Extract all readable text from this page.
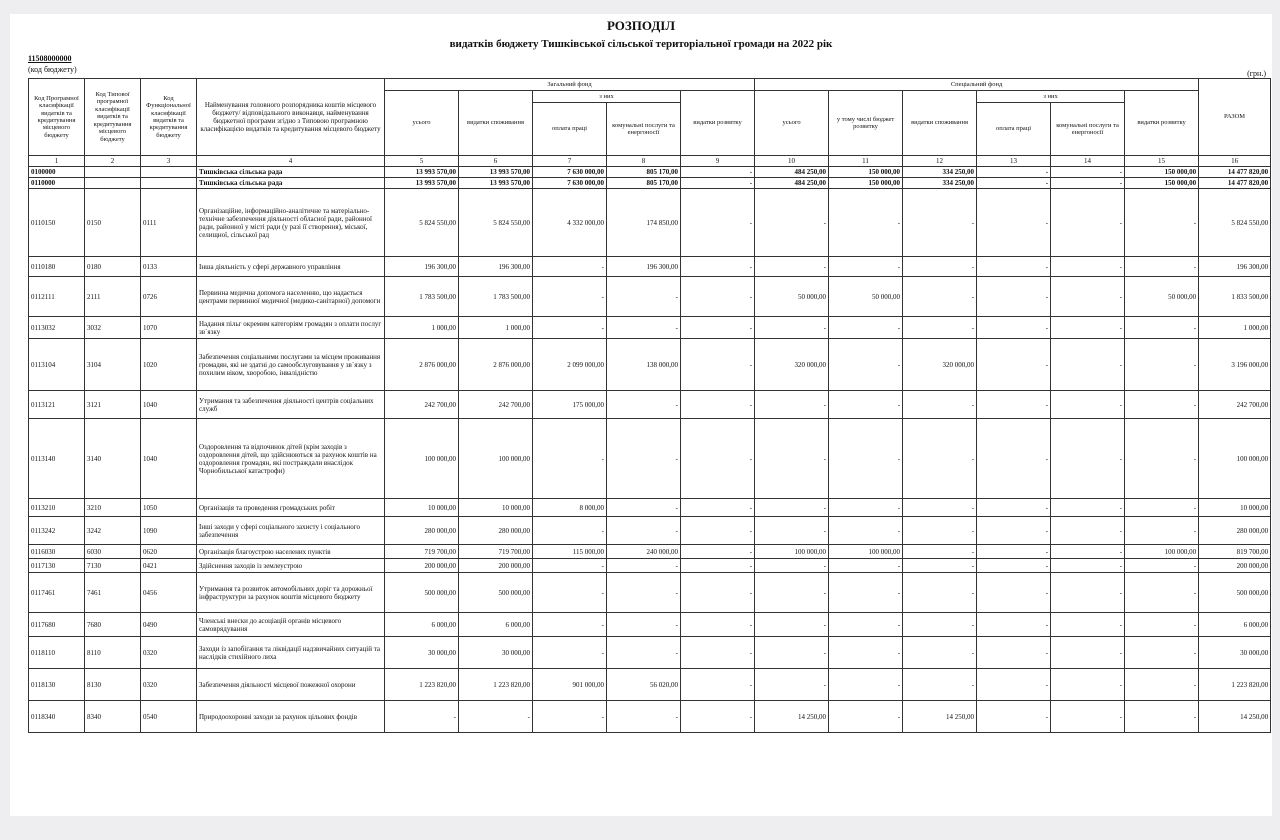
РОЗПОДІЛ
видатків бюджету Тишківської сільської територіальної громади на 2022 рік
11508000000
(код бюджету)	(грн.)
Код Програмної класифікації видатків та кредитування місцевого бюджету	Код Типової програмної класифікації видатків та кредитування місцевого бюджету	Код Функціональної класифікації видатків та кредитування бюджету	Найменування головного розпорядника коштів місцевого бюджету/ відповідального виконавця, найменування бюджетної програми згідно з Типовою програмною класифікацією видатків та кредитування місцевого бюджету	Загальний фонд					Спеціальний фонд						РАЗОМ
				усього	видатки споживання	з них		видатки розвитку	усього	у тому числі бюджет розвитку	видатки споживання	з них		видатки розвитку	
						оплата праці	комунальні послуги та енергоносії					оплата праці	комунальні послуги та енергоносії		
1	2	3	4	5	6	7	8	9	10	11	12	13	14	15	16
0100000			Тишківська сільська рада	13 993 570,00	13 993 570,00	7 630 000,00	805 170,00	-	484 250,00	150 000,00	334 250,00	-	-	150 000,00	14 477 820,00
0110000			Тишківська сільська рада	13 993 570,00	13 993 570,00	7 630 000,00	805 170,00	-	484 250,00	150 000,00	334 250,00	-	-	150 000,00	14 477 820,00
0110150	0150	0111	Організаційне, інформаційно-аналітичне та матеріально-технічне забезпечення діяльності обласної ради, районної ради, районної у місті ради (у разі її створення), міської, селищної, сільської рад	5 824 550,00	5 824 550,00	4 332 000,00	174 850,00	-	-	-	-	-	-	-	5 824 550,00
0110180	0180	0133	Інша діяльність у сфері державного управління	196 300,00	196 300,00	-	196 300,00	-	-	-	-	-	-	-	196 300,00
0112111	2111	0726	Первинна медична допомога населенню, що надається центрами первинної медичної (медико-санітарної) допомоги	1 783 500,00	1 783 500,00	-	-	-	50 000,00	50 000,00	-	-	-	50 000,00	1 833 500,00
0113032	3032	1070	Надання пільг окремим категоріям громадян з оплати послуг зв`язку	1 000,00	1 000,00	-	-	-	-	-	-	-	-	-	1 000,00
0113104	3104	1020	Забезпечення соціальними послугами за місцем проживання громадян, які не здатні до самообслуговування у зв`язку з похилим віком, хворобою, інвалідністю	2 876 000,00	2 876 000,00	2 099 000,00	138 000,00	-	320 000,00	-	320 000,00	-	-	-	3 196 000,00
0113121	3121	1040	Утримання та забезпечення діяльності центрів соціальних служб	242 700,00	242 700,00	175 000,00	-	-	-	-	-	-	-	-	242 700,00
0113140	3140	1040	Оздоровлення та відпочинок дітей (крім заходів з оздоровлення дітей, що здійснюються за рахунок коштів на оздоровлення громадян, які постраждали внаслідок Чорнобильської катастрофи)	100 000,00	100 000,00	-	-	-	-	-	-	-	-	-	100 000,00
0113210	3210	1050	Організація та проведення громадських робіт	10 000,00	10 000,00	8 000,00	-	-	-	-	-	-	-	-	10 000,00
0113242	3242	1090	Інші заходи у сфері соціального захисту і соціального забезпечення	280 000,00	280 000,00	-	-	-	-	-	-	-	-	-	280 000,00
0116030	6030	0620	Організація благоустрою населених пунктів	719 700,00	719 700,00	115 000,00	240 000,00	-	100 000,00	100 000,00	-	-	-	100 000,00	819 700,00
0117130	7130	0421	Здійснення заходів із землеустрою	200 000,00	200 000,00	-	-	-	-	-	-	-	-	-	200 000,00
0117461	7461	0456	Утримання та розвиток автомобільних доріг та дорожньої інфраструктури за рахунок коштів місцевого бюджету	500 000,00	500 000,00	-	-	-	-	-	-	-	-	-	500 000,00
0117680	7680	0490	Членські внески до асоціацій органів місцевого самоврядування	6 000,00	6 000,00	-	-	-	-	-	-	-	-	-	6 000,00
0118110	8110	0320	Заходи із запобігання та ліквідації надзвичайних ситуацій та наслідків стихійного лиха	30 000,00	30 000,00	-	-	-	-	-	-	-	-	-	30 000,00
0118130	8130	0320	Забезпечення діяльності місцевої пожежної охорони	1 223 820,00	1 223 820,00	901 000,00	56 020,00	-	-	-	-	-	-	-	1 223 820,00
0118340	8340	0540	Природоохоронні заходи за рахунок цільових фондів	-	-	-	-	-	14 250,00	-	14 250,00	-	-	-	14 250,00
